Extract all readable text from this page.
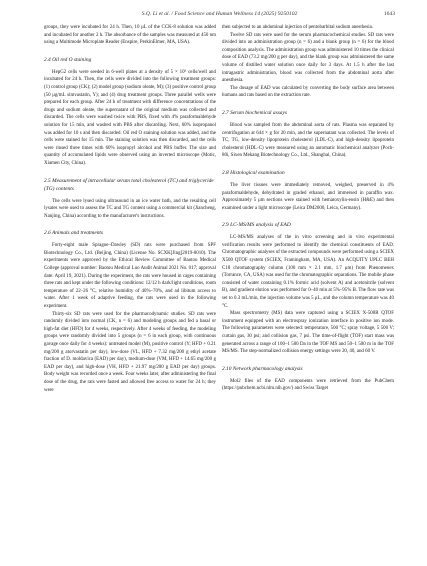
S.Q. Li et al. / Food Science and Human Wellness 14 (2025) 9250102	1643

groups, they were incubated for 24 h. Then, 10 μL of the CCK-8 solution was added and incubated for another 2 h. The absorbance of the samples was measured at 450 nm using a Multimode Microplate Reader (Enspire, PerkinElmer, MA, USA).

2.4 Oil red O staining

HepG2 cells were seeded in 6-well plates at a density of 5 × 10⁵ cells/well and incubated for 24 h. Then, the cells were divided into the following treatment groups: (1) control group (CK); (2) model group (sodium oleate, M); (3) positive control group (50 μg/mL simvastatin, Y); and (4) drug treatment groups. Three parallel wells were prepared for each group. After 24 h of treatment with difference concentrations of the drugs and sodium oleate, the supernatant of the original medium was collected and discarded. The cells were washed twice with PBS, fixed with 4% paraformaldehyde solution for 15 min, and washed with PBS after discarding. Next, 60% isopropanol was added for 10 s and then discarded. Oil red O staining solution was added, and the cells were stained for 15 min. The staining solution was then discarded, and the cells were rinsed three times with 60% isopropyl alcohol and PBS buffer. The size and quantity of accumulated lipids were observed using an inverted microscope (Motic, Xiamen City, China).

2.5 Measurement of intracellular serum total cholesterol (TC) and triglyceride (TG) contents

The cells were lysed using ultrasound in an ice water bath, and the resulting cell lysates were used to assess the TC and TG content using a commercial kit (Jiancheng, Nanjing, China) according to the manufacturer's instructions.

2.6 Animals and treatments

Forty-eight male Sprague–Dawley (SD) rats were purchased from SPF Biotechnology Co., Ltd. (Beijing, China) (License No. SCXK[Jing]2019-0010). The experiments were approved by the Ethical Review Committee of Baotou Medical College (approval number: Baotou Medical Luo Audit Animal 2021 No. 017; approval date: April 19, 2021). During the experiment, the rats were housed in cages containing three rats and kept under the following conditions: 12/12 h dark/light conditions, room temperature of 22–26 °C, relative humidity of 40%–70%, and ad libitum access to water. After 1 week of adaptive feeding, the rats were used in the following experiment.

Thirty-six SD rats were used for the pharmacodynamic studies. SD rats were randomly divided into normal (CK, n = 6) and modeling groups and fed a basal or high-fat diet (HFD) for 4 weeks, respectively. After 4 weeks of feeding, the modeling groups were randomly divided into 5 groups (n = 6 in each group, with continuous gavage once daily for 4 weeks): untreated model (M), positive control (Y; HFD + 0.21 mg/200 g atorvastatin per day), low-dose (VL, HFD + 7.32 mg/200 g ethyl acetate fraction of D. moldavica (EAD) per day), medium-dose (VM, HFD + 14.65 mg/200 g EAD per day), and high-dose (VH, HFD + 21.97 mg/200 g EAD per day) groups. Body weight was recorded once a week. Four weeks later, after administering the final dose of the drug, the rats were fasted and allowed free access to water for 24 h; they were

then subjected to an abdominal injection of pentobarbital sodium anesthesia.

Twelve SD rats were used for the serum pharmacochemical studies. SD rats were divided into an administration group (n = 6) and a blank group (n = 6) for the blood composition analysis. The administration group was administered 10 times the clinical dose of EAD (73.2 mg/200 g per day), and the blank group was administered the same volume of distilled water solution once daily for 3 days. At 1.5 h after the last intragastric administration, blood was collected from the abdominal aorta after anesthesia.

The dosage of EAD was calculated by converting the body surface area between humans and rats based on the extraction rate.

2.7 Serum biochemical assays

Blood was sampled from the abdominal aorta of rats. Plasma was separated by centrifugation at 644 × g for 20 min, and the supernatant was collected. The levels of TC, TG, low-density lipoprotein cholesterol (LDL-C), and high-density lipoprotein cholesterol (HDL-C) were measured using an automatic biochemical analyzer (Poch-80i, Sixen Mekang Biotechnology Co., Ltd., Shanghai, China).

2.8 Histological examination

The liver tissues were immediately removed, weighed, preserved in 4% paraformaldehyde, dehydrated in graded ethanol, and immersed in paraffin wax. Approximately 5 μm sections were stained with hematoxylin-eosin (H&E) and then examined under a light microscope (Leica DM2000, Leica, Germany).

2.9 LC-MS/MS analysis of EAD

LC-MS/MS analyses of the in vitro screening and in vivo experimental verification results were performed to identify the chemical constituents of EAD. Chromatographic analyses of the extracted compounds were performed using a SCIEX X500 QTOF system (SCIEX, Framingham, MA, USA). An ACQUITY UPLC BEH C18 chromatography column (100 mm × 2.1 mm, 1.7 μm) from Phenomenex (Torrance, CA, USA) was used for the chromatographic separations. The mobile phase consisted of water containing 0.1% formic acid (solvent A) and acetonitrile (solvent B), and gradient elution was performed for 0–40 min at 5%–95% B. The flow rate was set to 0.3 mL/min, the injection volume was 5 μL, and the column temperature was 40 °C.

Mass spectrometry (MS) data were captured using a SCIEX X-500R QTOF instrument equipped with an electrospray ionization interface in positive ion mode. The following parameters were selected: temperature, 500 °C; spray voltage, 5 500 V; curtain gas, 30 psi; and collision gas, 7 psi. The time-of-flight (TOF) start mass was generated across a range of 100–1 500 Da in the TOF MS and 50–1 500 m in the TOF MS/MS. The step-normalized collision energy settings were 20, 40, and 60 V.

2.10 Network pharmacology analysis

Mol2 files of the EAD components were retrieved from the PubChem (https://pubchem.ncbi.nlm.nih.gov/) and Swiss Target
